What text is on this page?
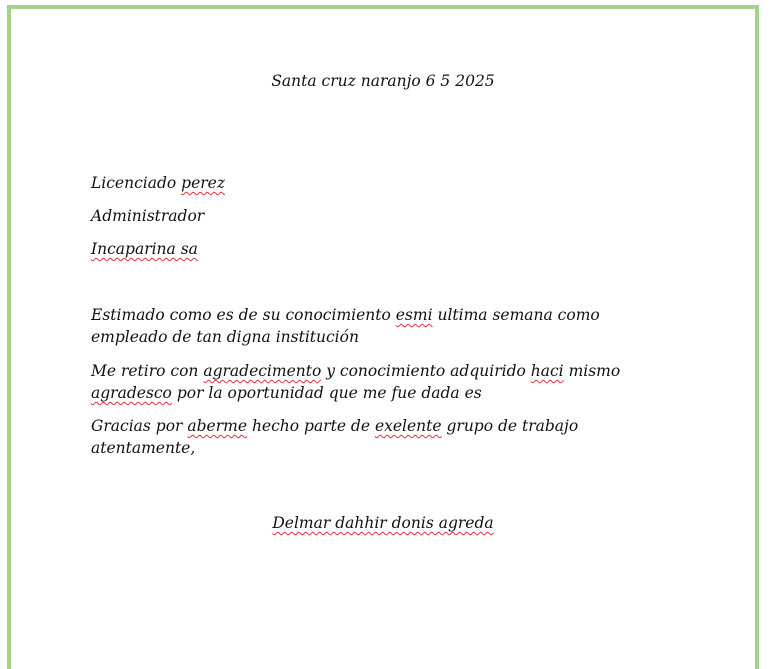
Santa cruz naranjo 6 5 2025
Licenciado perez
Administrador
Incaparina sa
Estimado como es de su conocimiento esmi ultima semana como empleado de tan digna institución
Me retiro con agradecimento y conocimiento adquirido haci mismo agradesco por la oportunidad que me fue dada es
Gracias por aberme hecho parte de exelente grupo de trabajo atentamente,
Delmar dahhir donis agreda
